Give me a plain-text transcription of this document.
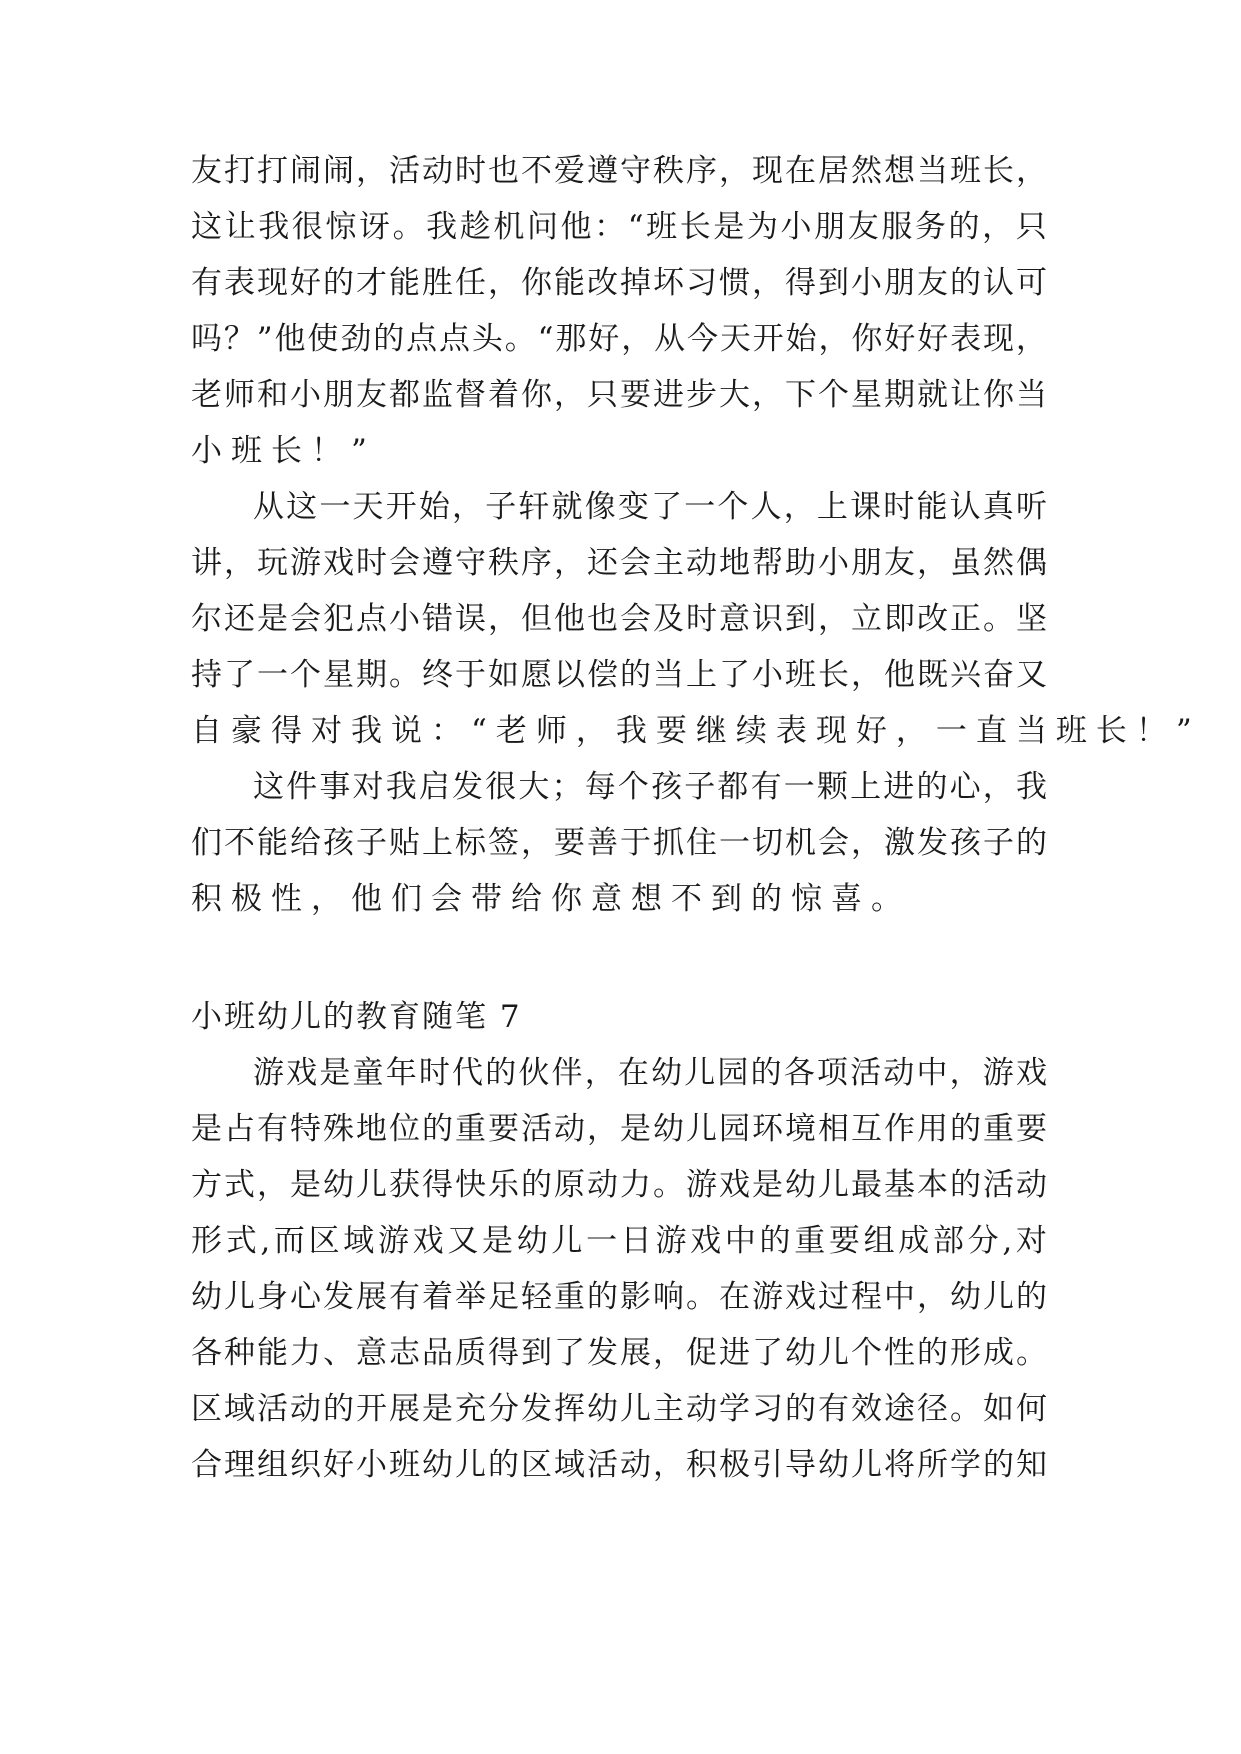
友 打 打 闹 闹 ， 活 动 时 也 不 爱 遵 守 秩 序 ， 现 在 居 然 想 当 班 长 ，
这 让 我 很 惊 讶 。 我 趁 机 问 他 ： “ 班 长 是 为 小 朋 友 服 务 的 ， 只
有 表 现 好 的 才 能 胜 任 ， 你 能 改 掉 坏 习 惯 ， 得 到 小 朋 友 的 认 可
吗 ？ ” 他 使 劲 的 点 点 头 。 “ 那 好 ， 从 今 天 开 始 ， 你 好 好 表 现 ，
老 师 和 小 朋 友 都 监 督 着 你 ， 只 要 进 步 大 ， 下 个 星 期 就 让 你 当
小班长！”
从 这 一 天 开 始 ， 子 轩 就 像 变 了 一 个 人 ， 上 课 时 能 认 真 听
讲 ， 玩 游 戏 时 会 遵 守 秩 序 ， 还 会 主 动 地 帮 助 小 朋 友 ， 虽 然 偶
尔 还 是 会 犯 点 小 错 误 ， 但 他 也 会 及 时 意 识 到 ， 立 即 改 正 。 坚
持 了 一 个 星 期 。 终 于 如 愿 以 偿 的 当 上 了 小 班 长 ， 他 既 兴 奋 又
自豪得对我说：“老师，我要继续表现好，一直当班长！”
这 件 事 对 我 启 发 很 大 ； 每 个 孩 子 都 有 一 颗 上 进 的 心 ， 我
们 不 能 给 孩 子 贴 上 标 签 ， 要 善 于 抓 住 一 切 机 会 ， 激 发 孩 子 的
积极性，他们会带给你意想不到的惊喜。
小班幼儿的教育随笔 7
游 戏 是 童 年 时 代 的 伙 伴 ， 在 幼 儿 园 的 各 项 活 动 中 ， 游 戏
是 占 有 特 殊 地 位 的 重 要 活 动 ， 是 幼 儿 园 环 境 相 互 作 用 的 重 要
方 式 ， 是 幼 儿 获 得 快 乐 的 原 动 力 。 游 戏 是 幼 儿 最 基 本 的 活 动
形 式 , 而 区 域 游 戏 又 是 幼 儿 一 日 游 戏 中 的 重 要 组 成 部 分 , 对
幼 儿 身 心 发 展 有 着 举 足 轻 重 的 影 响 。 在 游 戏 过 程 中 ， 幼 儿 的
各 种 能 力 、 意 志 品 质 得 到 了 发 展 ， 促 进 了 幼 儿 个 性 的 形 成 。
区 域 活 动 的 开 展 是 充 分 发 挥 幼 儿 主 动 学 习 的 有 效 途 径 。 如 何
合 理 组 织 好 小 班 幼 儿 的 区 域 活 动 ， 积 极 引 导 幼 儿 将 所 学 的 知
